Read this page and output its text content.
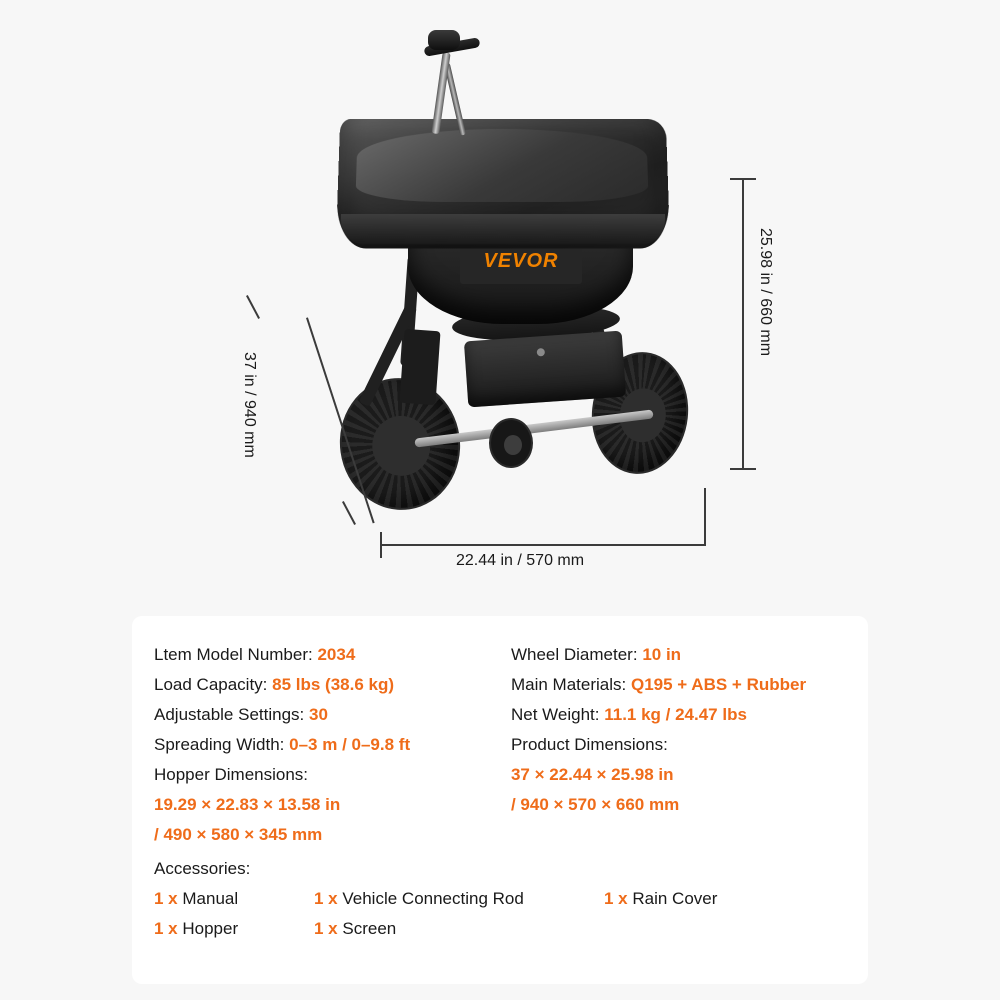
VEVOR	25.98 in / 660 mm
22.44 in / 570 mm
37 in / 940 mm
Ltem Model Number: 2034
Load Capacity: 85 lbs (38.6 kg)
Adjustable Settings: 30
Spreading Width: 0–3 m / 0–9.8 ft
Hopper Dimensions:
19.29 × 22.83 × 13.58 in
/ 490 × 580 × 345 mm
Wheel Diameter: 10 in
Main Materials: Q195 + ABS + Rubber
Net Weight: 11.1 kg / 24.47 lbs
Product Dimensions:
37 × 22.44 × 25.98 in
/ 940 × 570 × 660 mm
Accessories:
1 x Manual
1 x Hopper
1 x Vehicle Connecting Rod
1 x Screen
1 x Rain Cover
